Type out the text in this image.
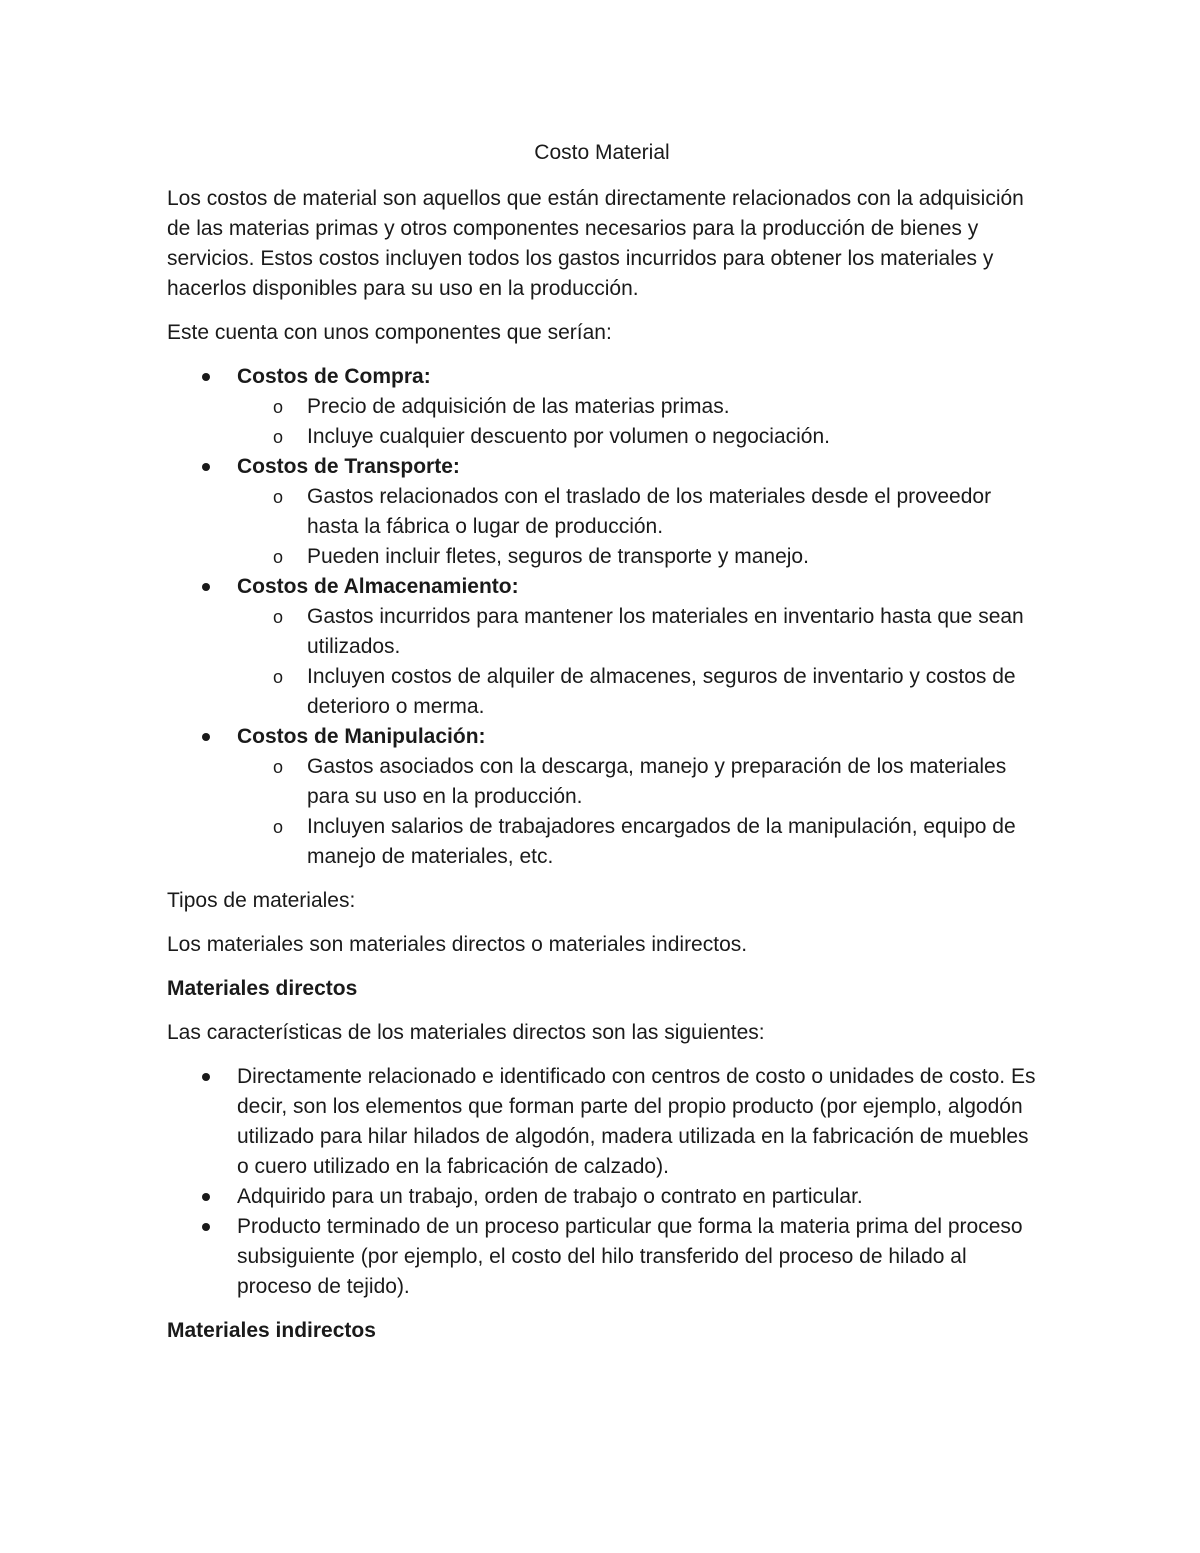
Costo Material

Los costos de material son aquellos que están directamente relacionados con la adquisición de las materias primas y otros componentes necesarios para la producción de bienes y servicios. Estos costos incluyen todos los gastos incurridos para obtener los materiales y hacerlos disponibles para su uso en la producción.

Este cuenta con unos componentes que serían:

Costos de Compra:
o Precio de adquisición de las materias primas.
o Incluye cualquier descuento por volumen o negociación.
Costos de Transporte:
o Gastos relacionados con el traslado de los materiales desde el proveedor hasta la fábrica o lugar de producción.
o Pueden incluir fletes, seguros de transporte y manejo.
Costos de Almacenamiento:
o Gastos incurridos para mantener los materiales en inventario hasta que sean utilizados.
o Incluyen costos de alquiler de almacenes, seguros de inventario y costos de deterioro o merma.
Costos de Manipulación:
o Gastos asociados con la descarga, manejo y preparación de los materiales para su uso en la producción.
o Incluyen salarios de trabajadores encargados de la manipulación, equipo de manejo de materiales, etc.

Tipos de materiales:

Los materiales son materiales directos o materiales indirectos.

Materiales directos

Las características de los materiales directos son las siguientes:

Directamente relacionado e identificado con centros de costo o unidades de costo. Es decir, son los elementos que forman parte del propio producto (por ejemplo, algodón utilizado para hilar hilados de algodón, madera utilizada en la fabricación de muebles o cuero utilizado en la fabricación de calzado).
Adquirido para un trabajo, orden de trabajo o contrato en particular.
Producto terminado de un proceso particular que forma la materia prima del proceso subsiguiente (por ejemplo, el costo del hilo transferido del proceso de hilado al proceso de tejido).
Materiales indirectos
